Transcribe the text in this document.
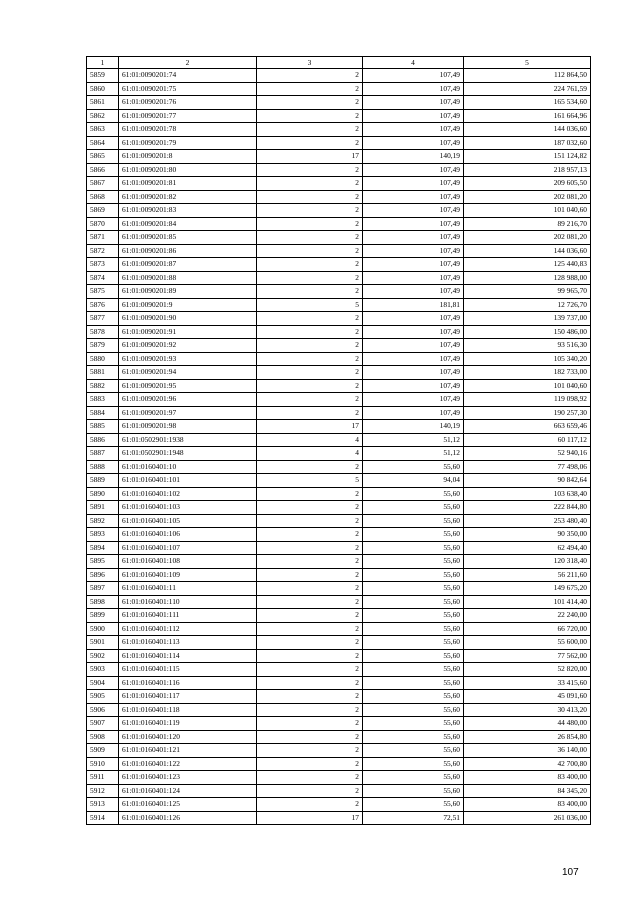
1	2	3	4	5
5859	61:01:0090201:74	2	107,49	112 864,50
5860	61:01:0090201:75	2	107,49	224 761,59
5861	61:01:0090201:76	2	107,49	165 534,60
5862	61:01:0090201:77	2	107,49	161 664,96
5863	61:01:0090201:78	2	107,49	144 036,60
5864	61:01:0090201:79	2	107,49	187 032,60
5865	61:01:0090201:8	17	140,19	151 124,82
5866	61:01:0090201:80	2	107,49	218 957,13
5867	61:01:0090201:81	2	107,49	209 605,50
5868	61:01:0090201:82	2	107,49	202 081,20
5869	61:01:0090201:83	2	107,49	101 040,60
5870	61:01:0090201:84	2	107,49	89 216,70
5871	61:01:0090201:85	2	107,49	202 081,20
5872	61:01:0090201:86	2	107,49	144 036,60
5873	61:01:0090201:87	2	107,49	125 440,83
5874	61:01:0090201:88	2	107,49	128 988,00
5875	61:01:0090201:89	2	107,49	99 965,70
5876	61:01:0090201:9	5	181,81	12 726,70
5877	61:01:0090201:90	2	107,49	139 737,00
5878	61:01:0090201:91	2	107,49	150 486,00
5879	61:01:0090201:92	2	107,49	93 516,30
5880	61:01:0090201:93	2	107,49	105 340,20
5881	61:01:0090201:94	2	107,49	182 733,00
5882	61:01:0090201:95	2	107,49	101 040,60
5883	61:01:0090201:96	2	107,49	119 098,92
5884	61:01:0090201:97	2	107,49	190 257,30
5885	61:01:0090201:98	17	140,19	663 659,46
5886	61:01:0502901:1938	4	51,12	60 117,12
5887	61:01:0502901:1948	4	51,12	52 940,16
5888	61:01:0160401:10	2	55,60	77 498,06
5889	61:01:0160401:101	5	94,04	90 842,64
5890	61:01:0160401:102	2	55,60	103 638,40
5891	61:01:0160401:103	2	55,60	222 844,80
5892	61:01:0160401:105	2	55,60	253 480,40
5893	61:01:0160401:106	2	55,60	90 350,00
5894	61:01:0160401:107	2	55,60	62 494,40
5895	61:01:0160401:108	2	55,60	120 318,40
5896	61:01:0160401:109	2	55,60	56 211,60
5897	61:01:0160401:11	2	55,60	149 675,20
5898	61:01:0160401:110	2	55,60	101 414,40
5899	61:01:0160401:111	2	55,60	22 240,00
5900	61:01:0160401:112	2	55,60	66 720,00
5901	61:01:0160401:113	2	55,60	55 600,00
5902	61:01:0160401:114	2	55,60	77 562,00
5903	61:01:0160401:115	2	55,60	52 820,00
5904	61:01:0160401:116	2	55,60	33 415,60
5905	61:01:0160401:117	2	55,60	45 091,60
5906	61:01:0160401:118	2	55,60	30 413,20
5907	61:01:0160401:119	2	55,60	44 480,00
5908	61:01:0160401:120	2	55,60	26 854,80
5909	61:01:0160401:121	2	55,60	36 140,00
5910	61:01:0160401:122	2	55,60	42 700,80
5911	61:01:0160401:123	2	55,60	83 400,00
5912	61:01:0160401:124	2	55,60	84 345,20
5913	61:01:0160401:125	2	55,60	83 400,00
5914	61:01:0160401:126	17	72,51	261 036,00
107
